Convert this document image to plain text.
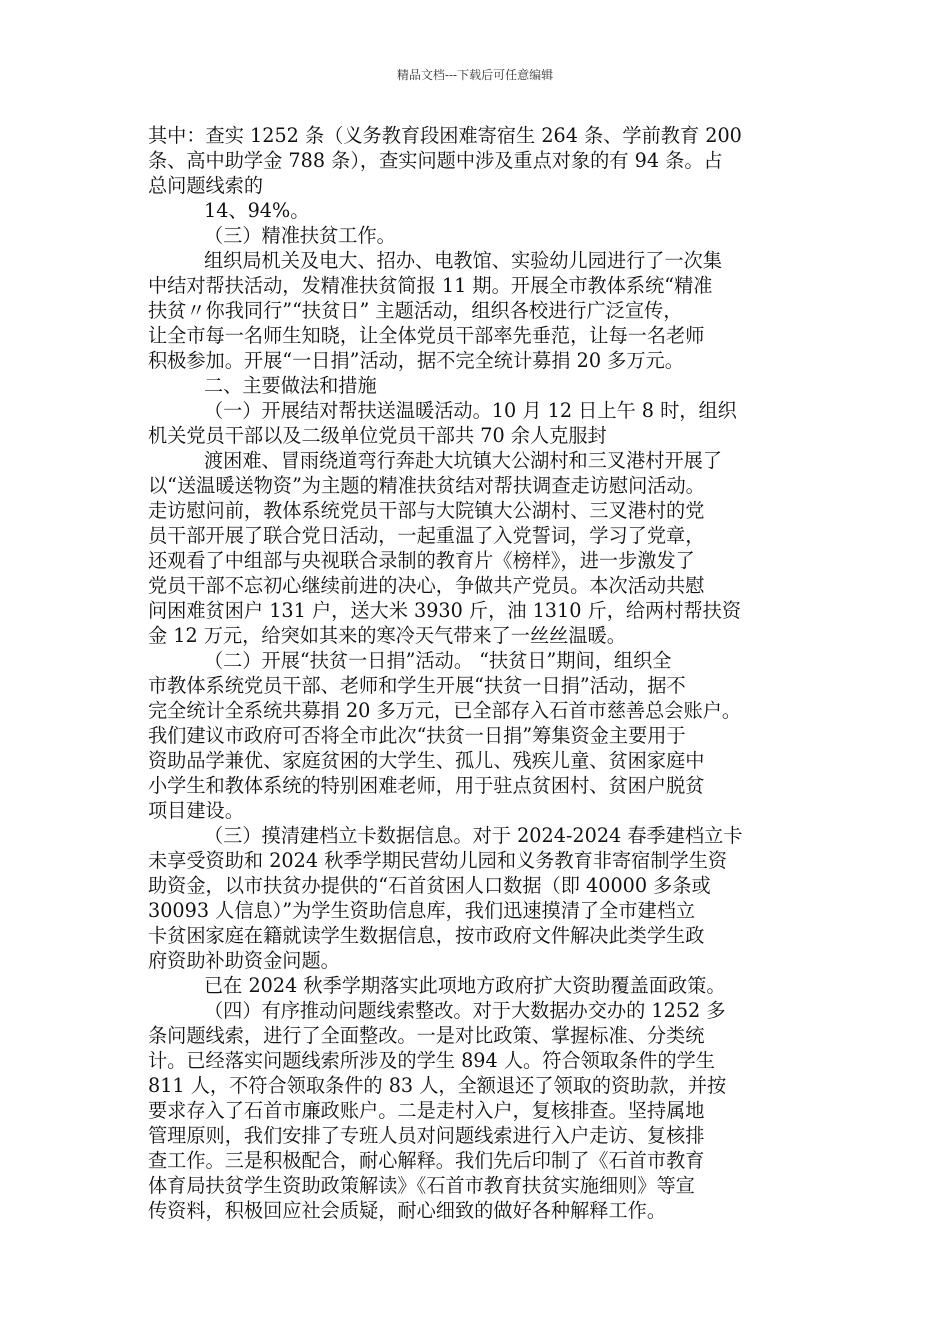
精品文档---下载后可任意编辑
其中：查实 1252 条（义务教育段困难寄宿生 264 条、学前教育 200
条、高中助学金 788 条），查实问题中涉及重点对象的有 94 条。占
总问题线索的
14、94%。
（三）精准扶贫工作。
组织局机关及电大、招办、电教馆、实验幼儿园进行了一次集
中结对帮扶活动，发精准扶贫简报 11 期。开展全市教体系统“精准
扶贫〃你我同行”“扶贫日” 主题活动，组织各校进行广泛宣传，
让全市每一名师生知晓，让全体党员干部率先垂范，让每一名老师
积极参加。开展“一日捐”活动，据不完全统计募捐 20 多万元。
二、主要做法和措施
（一）开展结对帮扶送温暖活动。10 月 12 日上午 8 时，组织
机关党员干部以及二级单位党员干部共 70 余人克服封
渡困难、冒雨绕道弯行奔赴大坑镇大公湖村和三叉港村开展了
以“送温暖送物资”为主题的精准扶贫结对帮扶调查走访慰问活动。
走访慰问前，教体系统党员干部与大院镇大公湖村、三叉港村的党
员干部开展了联合党日活动，一起重温了入党誓词，学习了党章，
还观看了中组部与央视联合录制的教育片《榜样》，进一步激发了
党员干部不忘初心继续前进的决心，争做共产党员。本次活动共慰
问困难贫困户 131 户，送大米 3930 斤，油 1310 斤，给两村帮扶资
金 12 万元，给突如其来的寒冷天气带来了一丝丝温暖。
（二）开展“扶贫一日捐”活动。 “扶贫日”期间，组织全
市教体系统党员干部、老师和学生开展“扶贫一日捐”活动，据不
完全统计全系统共募捐 20 多万元，已全部存入石首市慈善总会账户。
我们建议市政府可否将全市此次“扶贫一日捐”筹集资金主要用于
资助品学兼优、家庭贫困的大学生、孤儿、残疾儿童、贫困家庭中
小学生和教体系统的特别困难老师，用于驻点贫困村、贫困户脱贫
项目建设。
（三）摸清建档立卡数据信息。对于 2024-2024 春季建档立卡
未享受资助和 2024 秋季学期民营幼儿园和义务教育非寄宿制学生资
助资金，以市扶贫办提供的“石首贫困人口数据（即 40000 多条或
30093 人信息）”为学生资助信息库，我们迅速摸清了全市建档立
卡贫困家庭在籍就读学生数据信息，按市政府文件解决此类学生政
府资助补助资金问题。
已在 2024 秋季学期落实此项地方政府扩大资助覆盖面政策。
（四）有序推动问题线索整改。对于大数据办交办的 1252 多
条问题线索，进行了全面整改。一是对比政策、掌握标准、分类统
计。已经落实问题线索所涉及的学生 894 人。符合领取条件的学生
811 人，不符合领取条件的 83 人，全额退还了领取的资助款，并按
要求存入了石首市廉政账户。二是走村入户，复核排查。坚持属地
管理原则，我们安排了专班人员对问题线索进行入户走访、复核排
查工作。三是积极配合，耐心解释。我们先后印制了《石首市教育
体育局扶贫学生资助政策解读》《石首市教育扶贫实施细则》等宣
传资料，积极回应社会质疑，耐心细致的做好各种解释工作。
